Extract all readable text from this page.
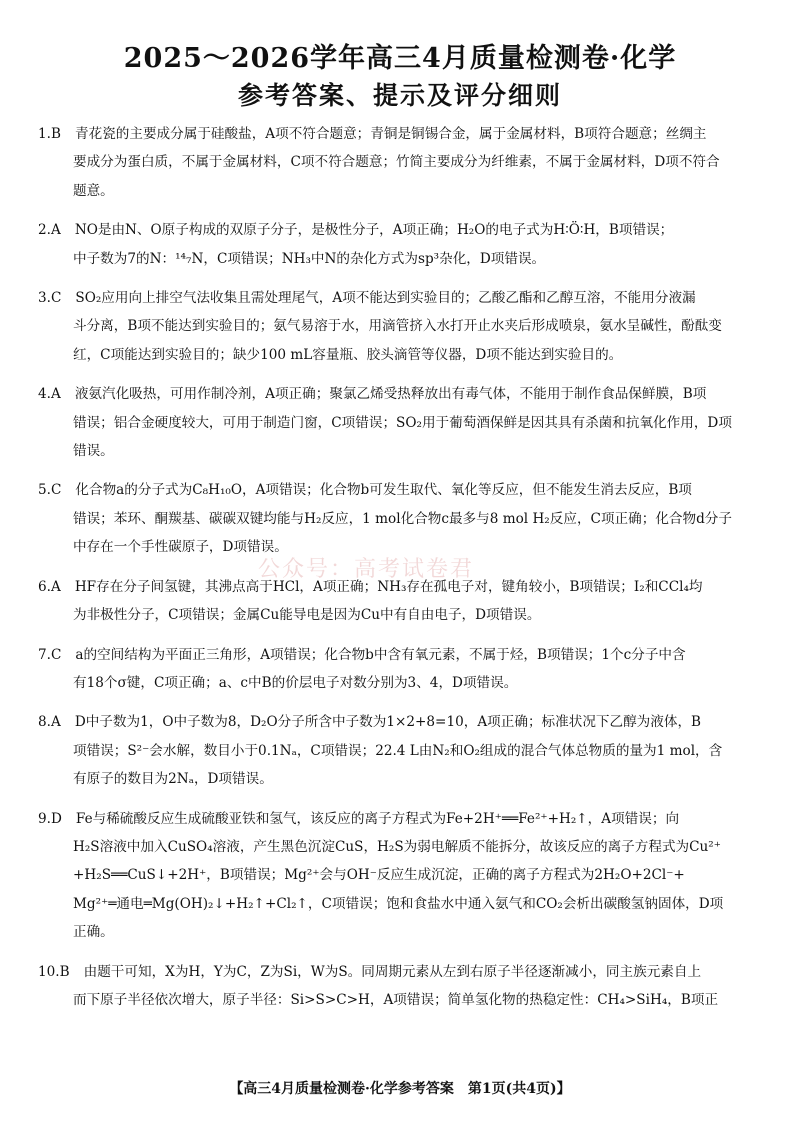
2025～2026学年高三4月质量检测卷·化学
参考答案、提示及评分细则
公众号：高考试卷君
1.B 青花瓷的主要成分属于硅酸盐，A项不符合题意；青铜是铜锡合金，属于金属材料，B项符合题意；丝绸主
要成分为蛋白质，不属于金属材料，C项不符合题意；竹简主要成分为纤维素，不属于金属材料，D项不符合
题意。
2.A NO是由N、O原子构成的双原子分子，是极性分子，A项正确；H₂O的电子式为H∶Ö∶H，B项错误；
中子数为7的N：¹⁴₇N，C项错误；NH₃中N的杂化方式为sp³杂化，D项错误。
3.C SO₂应用向上排空气法收集且需处理尾气，A项不能达到实验目的；乙酸乙酯和乙醇互溶，不能用分液漏
斗分离，B项不能达到实验目的；氨气易溶于水，用滴管挤入水打开止水夹后形成喷泉，氨水呈碱性，酚酞变
红，C项能达到实验目的；缺少100 mL容量瓶、胶头滴管等仪器，D项不能达到实验目的。
4.A 液氨汽化吸热，可用作制冷剂，A项正确；聚氯乙烯受热释放出有毒气体，不能用于制作食品保鲜膜，B项
错误；铝合金硬度较大，可用于制造门窗，C项错误；SO₂用于葡萄酒保鲜是因其具有杀菌和抗氧化作用，D项
错误。
5.C 化合物a的分子式为C₈H₁₀O，A项错误；化合物b可发生取代、氧化等反应，但不能发生消去反应，B项
错误；苯环、酮羰基、碳碳双键均能与H₂反应，1 mol化合物c最多与8 mol H₂反应，C项正确；化合物d分子
中存在一个手性碳原子，D项错误。
6.A HF存在分子间氢键，其沸点高于HCl，A项正确；NH₃存在孤电子对，键角较小，B项错误；I₂和CCl₄均
为非极性分子，C项错误；金属Cu能导电是因为Cu中有自由电子，D项错误。
7.C a的空间结构为平面正三角形，A项错误；化合物b中含有氧元素，不属于烃，B项错误；1个c分子中含
有18个σ键，C项正确；a、c中B的价层电子对数分别为3、4，D项错误。
8.A D中子数为1，O中子数为8，D₂O分子所含中子数为1×2+8=10，A项正确；标准状况下乙醇为液体，B
项错误；S²⁻会水解，数目小于0.1Nₐ，C项错误；22.4 L由N₂和O₂组成的混合气体总物质的量为1 mol，含
有原子的数目为2Nₐ，D项错误。
9.D Fe与稀硫酸反应生成硫酸亚铁和氢气，该反应的离子方程式为Fe+2H⁺══Fe²⁺+H₂↑，A项错误；向
H₂S溶液中加入CuSO₄溶液，产生黑色沉淀CuS，H₂S为弱电解质不能拆分，故该反应的离子方程式为Cu²⁺
+H₂S══CuS↓+2H⁺，B项错误；Mg²⁺会与OH⁻反应生成沉淀，正确的离子方程式为2H₂O+2Cl⁻+
Mg²⁺═通电═Mg(OH)₂↓+H₂↑+Cl₂↑，C项错误；饱和食盐水中通入氨气和CO₂会析出碳酸氢钠固体，D项
正确。
10.B 由题干可知，X为H，Y为C，Z为Si，W为S。同周期元素从左到右原子半径逐渐减小，同主族元素自上
而下原子半径依次增大，原子半径：Si>S>C>H，A项错误；简单氢化物的热稳定性：CH₄>SiH₄，B项正
【高三4月质量检测卷·化学参考答案　第1页(共4页)】
